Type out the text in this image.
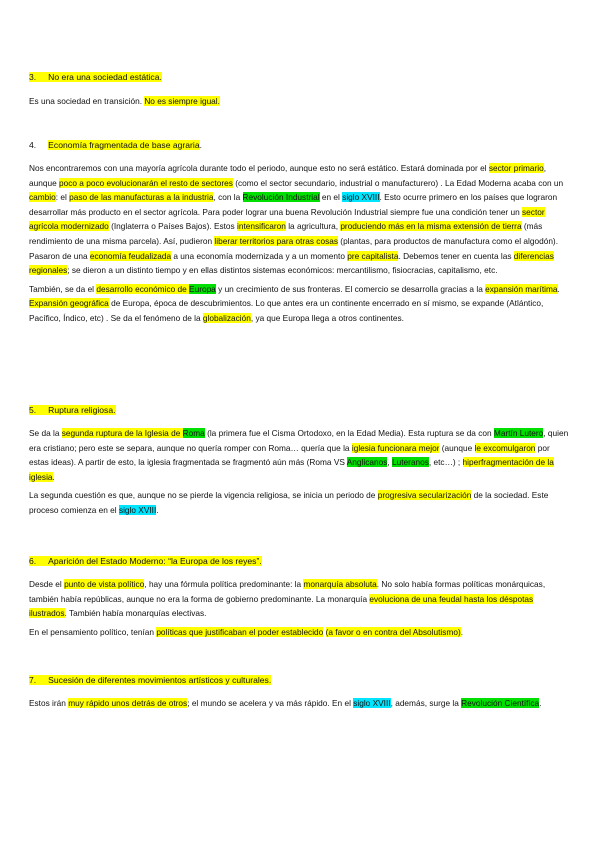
3. No era una sociedad estática.

Es una sociedad en transición. No es siempre igual.

4. Economía fragmentada de base agraria.

Nos encontraremos con una mayoría agrícola durante todo el periodo, aunque esto no será estático. Estará dominada por el sector primario, aunque poco a poco evolucionarán el resto de sectores (como el sector secundario, industrial o manufacturero) . La Edad Moderna acaba con un cambio: el paso de las manufacturas a la industria, con la Revolución Industrial en el siglo XVIII. Esto ocurre primero en los países que lograron desarrollar más producto en el sector agrícola. Para poder lograr una buena Revolución Industrial siempre fue una condición tener un sector agrícola modernizado (Inglaterra o Países Bajos). Estos intensificaron la agricultura, produciendo más en la misma extensión de tierra (más rendimiento de una misma parcela). Así, pudieron liberar territorios para otras cosas (plantas, para productos de manufactura como el algodón). Pasaron de una economía feudalizada a una economía modernizada y a un momento pre capitalista. Debemos tener en cuenta las diferencias regionales; se dieron a un distinto tiempo y en ellas distintos sistemas económicos: mercantilismo, fisiocracias, capitalismo, etc.

También, se da el desarrollo económico de Europa y un crecimiento de sus fronteras. El comercio se desarrolla gracias a la expansión marítima. Expansión geográfica de Europa, época de descubrimientos. Lo que antes era un continente encerrado en sí mismo, se expande (Atlántico, Pacífico, Índico, etc) . Se da el fenómeno de la globalización, ya que Europa llega a otros continentes.

5. Ruptura religiosa.

Se da la segunda ruptura de la Iglesia de Roma (la primera fue el Cisma Ortodoxo, en la Edad Media). Esta ruptura se da con Martín Lutero, quien era cristiano; pero este se separa, aunque no quería romper con Roma… quería que la iglesia funcionara mejor (aunque le excomulgaron por estas ideas). A partir de esto, la iglesia fragmentada se fragmentó aún más (Roma VS Anglicanos, Luteranos, etc…) ; hiperfragmentación de la iglesia.

La segunda cuestión es que, aunque no se pierde la vigencia religiosa, se inicia un periodo de progresiva secularización de la sociedad. Este proceso comienza en el siglo XVIII.

6. Aparición del Estado Moderno: “la Europa de los reyes”.

Desde el punto de vista político, hay una fórmula política predominante: la monarquía absoluta. No solo había formas políticas monárquicas, también había repúblicas, aunque no era la forma de gobierno predominante. La monarquía evoluciona de una feudal hasta los déspotas ilustrados. También había monarquías electivas.

En el pensamiento político, tenían políticas que justificaban el poder establecido (a favor o en contra del Absolutismo).

7. Sucesión de diferentes movimientos artísticos y culturales.

Estos irán muy rápido unos detrás de otros; el mundo se acelera y va más rápido. En el siglo XVIII, además, surge la Revolución Científica.
